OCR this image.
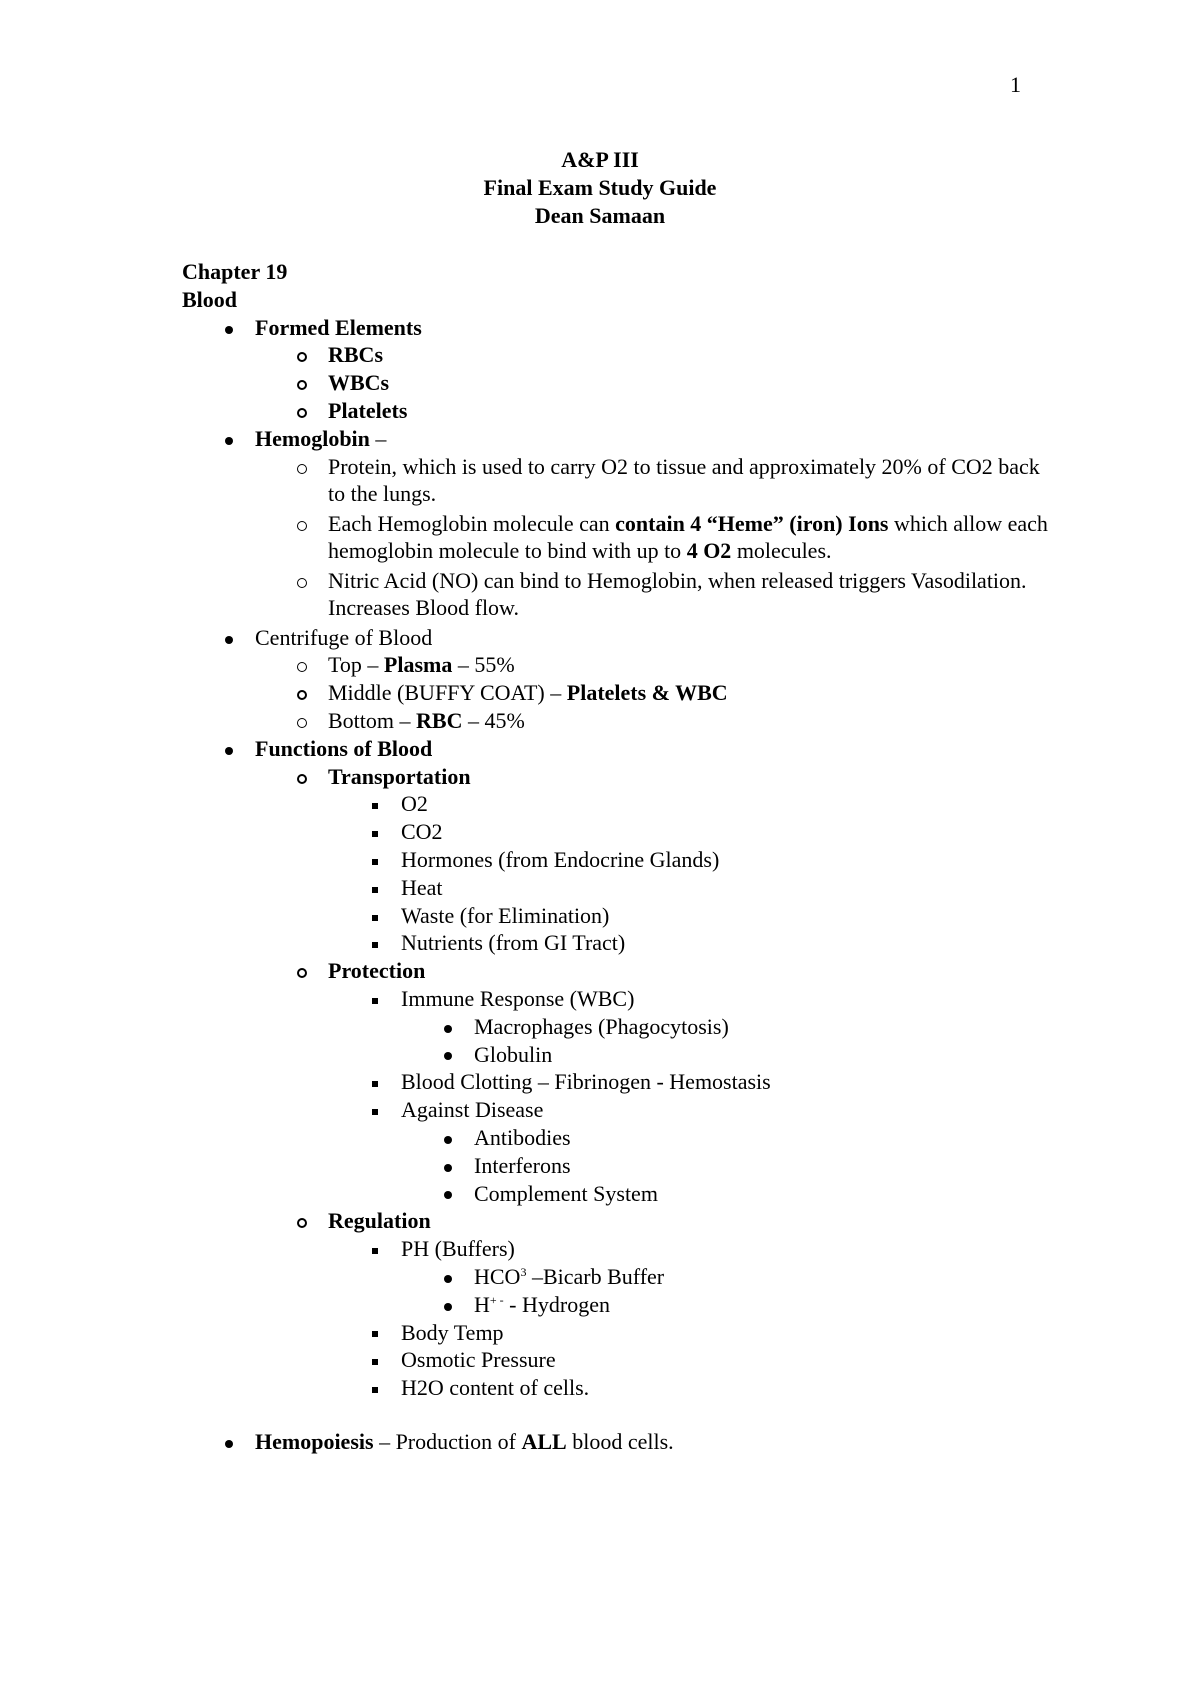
1
A&P III
Final Exam Study Guide
Dean Samaan
Chapter 19
Blood
Formed Elements
RBCs
WBCs
Platelets
Hemoglobin –
Protein, which is used to carry O2 to tissue and approximately 20% of CO2 back to the lungs.
Each Hemoglobin molecule can contain 4 “Heme” (iron) Ions which allow each hemoglobin molecule to bind with up to 4 O2 molecules.
Nitric Acid (NO) can bind to Hemoglobin, when released triggers Vasodilation. Increases Blood flow.
Centrifuge of Blood
Top – Plasma – 55%
Middle (BUFFY COAT) – Platelets & WBC
Bottom – RBC – 45%
Functions of Blood
Transportation
O2
CO2
Hormones (from Endocrine Glands)
Heat
Waste (for Elimination)
Nutrients (from GI Tract)
Protection
Immune Response (WBC)
Macrophages (Phagocytosis)
Globulin
Blood Clotting – Fibrinogen - Hemostasis
Against Disease
Antibodies
Interferons
Complement System
Regulation
PH (Buffers)
HCO$^3$ –Bicarb Buffer
H+ - - Hydrogen
Body Temp
Osmotic Pressure
H2O content of cells.
Hemopoiesis – Production of ALL blood cells.
